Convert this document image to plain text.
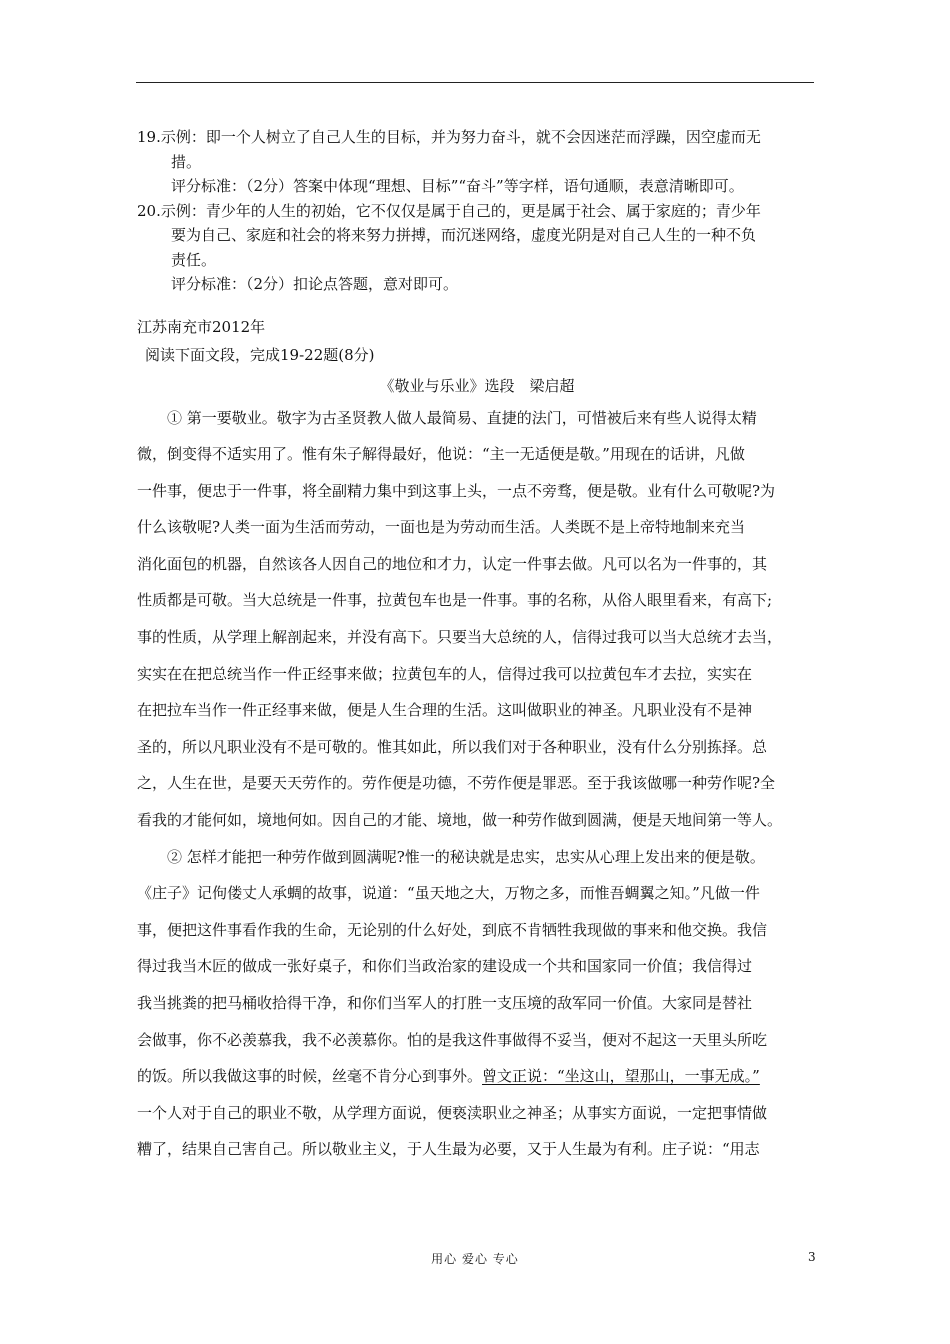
19.示例：即一个人树立了自己人生的目标，并为努力奋斗，就不会因迷茫而浮躁，因空虚而无

措。

评分标准：（2分）答案中体现“理想、目标”“奋斗”等字样，语句通顺，表意清晰即可。

20.示例：青少年的人生的初始，它不仅仅是属于自己的，更是属于社会、属于家庭的；青少年

要为自己、家庭和社会的将来努力拼搏，而沉迷网络，虚度光阴是对自己人生的一种不负

责任。

评分标准：（2分）扣论点答题，意对即可。

江苏南充市2012年

阅读下面文段，完成19-22题(8分)

《敬业与乐业》选段　梁启超

① 第一要敬业。敬字为古圣贤教人做人最简易、直捷的法门，可惜被后来有些人说得太精

微，倒变得不适实用了。惟有朱子解得最好，他说：“主一无适便是敬。”用现在的话讲，凡做

一件事，便忠于一件事，将全副精力集中到这事上头，一点不旁骛，便是敬。业有什么可敬呢?为

什么该敬呢?人类一面为生活而劳动，一面也是为劳动而生活。人类既不是上帝特地制来充当

消化面包的机器，自然该各人因自己的地位和才力，认定一件事去做。凡可以名为一件事的，其

性质都是可敬。当大总统是一件事，拉黄包车也是一件事。事的名称，从俗人眼里看来，有高下;

事的性质，从学理上解剖起来，并没有高下。只要当大总统的人，信得过我可以当大总统才去当，

实实在在把总统当作一件正经事来做；拉黄包车的人，信得过我可以拉黄包车才去拉，实实在

在把拉车当作一件正经事来做，便是人生合理的生活。这叫做职业的神圣。凡职业没有不是神

圣的，所以凡职业没有不是可敬的。惟其如此，所以我们对于各种职业，没有什么分别拣择。总

之，人生在世，是要天天劳作的。劳作便是功德，不劳作便是罪恶。至于我该做哪一种劳作呢?全

看我的才能何如，境地何如。因自己的才能、境地，做一种劳作做到圆满，便是天地间第一等人。

② 怎样才能把一种劳作做到圆满呢?惟一的秘诀就是忠实，忠实从心理上发出来的便是敬。

《庄子》记佝偻丈人承蜩的故事，说道：“虽天地之大，万物之多，而惟吾蜩翼之知。”凡做一件

事，便把这件事看作我的生命，无论别的什么好处，到底不肯牺牲我现做的事来和他交换。我信

得过我当木匠的做成一张好桌子，和你们当政治家的建设成一个共和国家同一价值；我信得过

我当挑粪的把马桶收拾得干净，和你们当军人的打胜一支压境的敌军同一价值。大家同是替社

会做事，你不必羡慕我，我不必羡慕你。怕的是我这件事做得不妥当，便对不起这一天里头所吃

的饭。所以我做这事的时候，丝毫不肯分心到事外。曾文正说：“坐这山，望那山，一事无成。”

一个人对于自己的职业不敬，从学理方面说，便亵渎职业之神圣；从事实方面说，一定把事情做

糟了，结果自己害自己。所以敬业主义，于人生最为必要，又于人生最为有利。庄子说：“用志

用心 爱心 专心	3
